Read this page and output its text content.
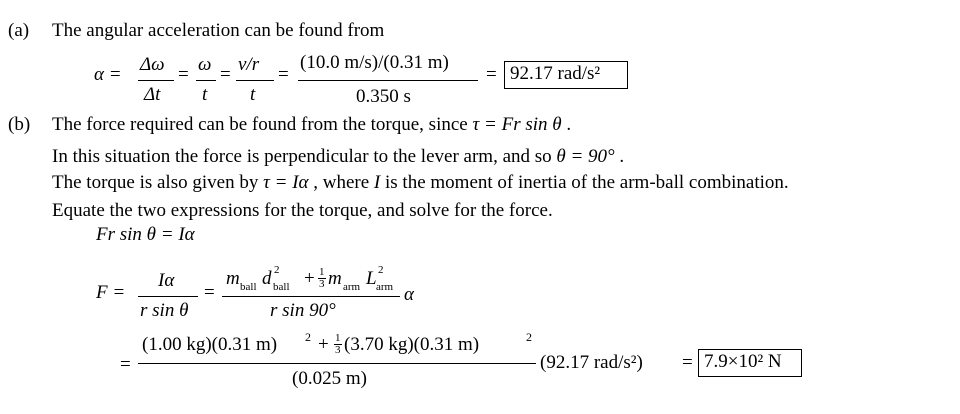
(a) The angular acceleration can be found from
α = Δω
Δt
= ω
t
= v/r
t
=
(10.0 m/s)/(0.31 m)
0.350 s
= 92.17 rad/s²
(b) The force required can be found from the torque, since τ = Fr sin θ .
In this situation the force is perpendicular to the lever arm, and so θ = 90° .
The torque is also given by τ = Iα , where I is the moment of inertia of the arm-ball combination.
Equate the two expressions for the torque, and solve for the force.
Fr sin θ = Iα
F =
Iα
r sin θ
=
m ball d 2
ball + 1
3 m arm L 2
arm
r sin 90°
α
=
(1.00 kg)(0.31 m) 2 + 1
3 (3.70 kg)(0.31 m)	2
(0.025 m)
(92.17 rad/s²) = 7.9×10² N
